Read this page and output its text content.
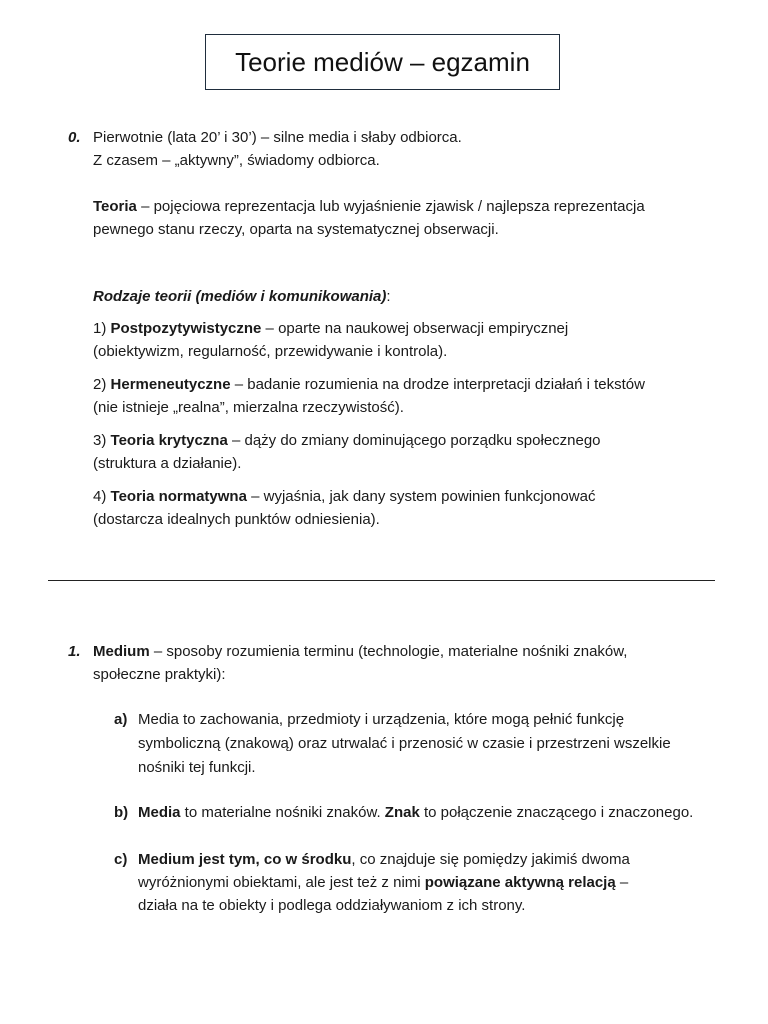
Teorie mediów – egzamin
0. Pierwotnie (lata 20’ i 30’) – silne media i słaby odbiorca.
Z czasem – „aktywny”, świadomy odbiorca.
Teoria – pojęciowa reprezentacja lub wyjaśnienie zjawisk / najlepsza reprezentacja
pewnego stanu rzeczy, oparta na systematycznej obserwacji.
Rodzaje teorii (mediów i komunikowania):
1) Postpozytywistyczne – oparte na naukowej obserwacji empirycznej
(obiektywizm, regularność, przewidywanie i kontrola).
2) Hermeneutyczne – badanie rozumienia na drodze interpretacji działań i tekstów
(nie istnieje „realna”, mierzalna rzeczywistość).
3) Teoria krytyczna – dąży do zmiany dominującego porządku społecznego
(struktura a działanie).
4) Teoria normatywna – wyjaśnia, jak dany system powinien funkcjonować
(dostarcza idealnych punktów odniesienia).
1. Medium – sposoby rozumienia terminu (technologie, materialne nośniki znaków,
społeczne praktyki):
a) Media to zachowania, przedmioty i urządzenia, które mogą pełnić funkcję
symboliczną (znakową) oraz utrwalać i przenosić w czasie i przestrzeni wszelkie
nośniki tej funkcji.
b) Media to materialne nośniki znaków. Znak to połączenie znaczącego i znaczonego.
c) Medium jest tym, co w środku, co znajduje się pomiędzy jakimiś dwoma
wyróżnionymi obiektami, ale jest też z nimi powiązane aktywną relacją –
działa na te obiekty i podlega oddziaływaniom z ich strony.
